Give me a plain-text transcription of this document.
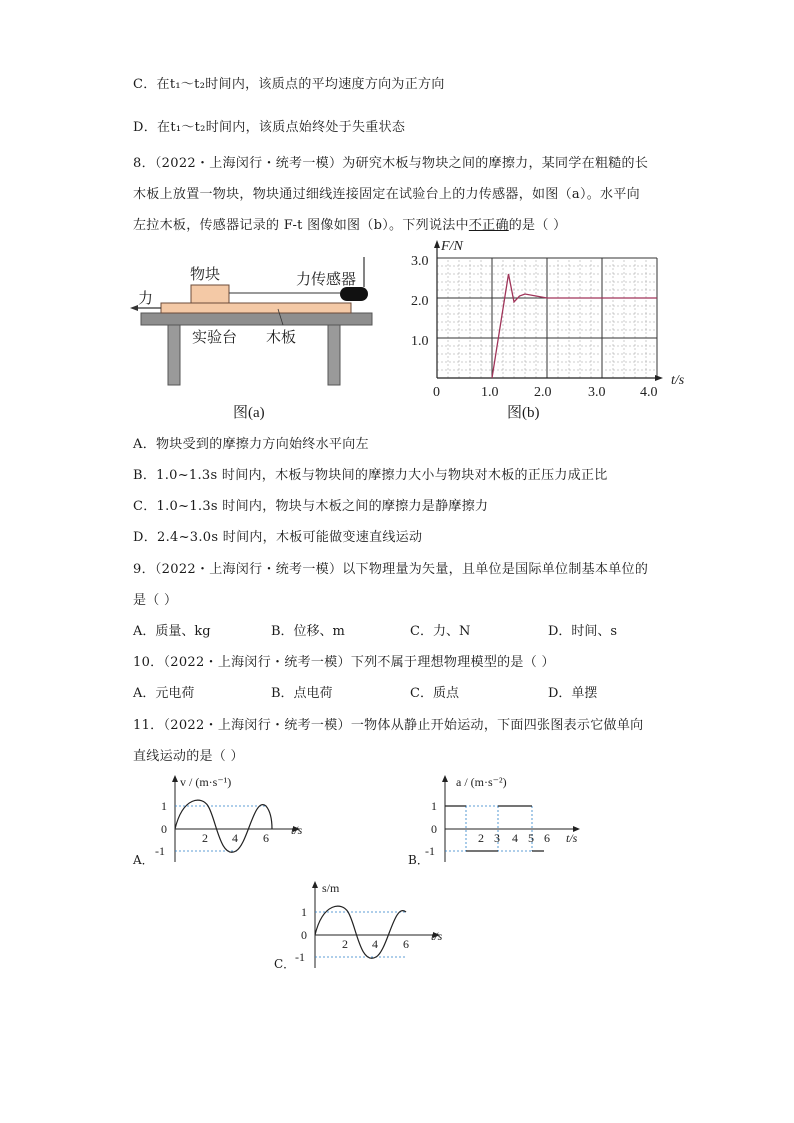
C．在t₁～t₂时间内，该质点的平均速度方向为正方向
D．在t₁～t₂时间内，该质点始终处于失重状态
8．（2022・上海闵行・统考一模）为研究木板与物块之间的摩擦力，某同学在粗糙的长
木板上放置一物块，物块通过细线连接固定在试验台上的力传感器，如图（a）。水平向
左拉木板，传感器记录的 F-t 图像如图（b）。下列说法中不正确的是（ ）
物块	力传感器
力
实验台 木板
图(a)
F/N
t/s
3.0
2.0
1.0
0	1.0	2.0	3.0 4.0
图(b)
A．物块受到的摩擦力方向始终水平向左
B．1.0~1.3s 时间内，木板与物块间的摩擦力大小与物块对木板的正压力成正比
C．1.0~1.3s 时间内，物块与木板之间的摩擦力是静摩擦力
D．2.4~3.0s 时间内，木板可能做变速直线运动
9．（2022・上海闵行・统考一模）以下物理量为矢量，且单位是国际单位制基本单位的
是（ ）
A．质量、kg	B．位移、m	C．力、N	D．时间、s
10．（2022・上海闵行・统考一模）下列不属于理想物理模型的是（ ）
A．元电荷	B．点电荷	C．质点	D．单摆
11．（2022・上海闵行・统考一模）一物体从静止开始运动，下面四张图表示它做单向
直线运动的是（ ）
v / (m·s⁻¹)
t/s
1
0
-1
2 4 6
A．
a / (m·s⁻²)
t/s
1
0
-1
2 3 4 5 6
B．
s/m
t/s
1
0
-1
2 4 6
C．
